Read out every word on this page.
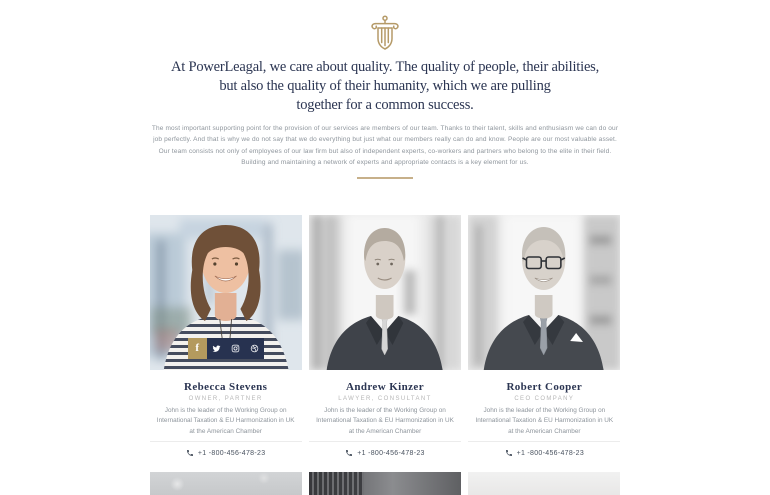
At PowerLeagal, we care about quality. The quality of people, their abilities,
but also the quality of their humanity, which we are pulling
together for a common success.

The most important supporting point for the provision of our services are members of our team. Thanks to their talent, skills and enthusiasm we can do our job perfectly. And that is why we do not say that we do everything but just what our members really can do and know. People are our most valuable asset. Our team consists not only of employees of our law firm but also of independent experts, co-workers and partners who belong to the elite in their field. Building and maintaining a network of experts and appropriate contacts is a key element for us.

f
Rebecca Stevens
OWNER, PARTNER

John is the leader of the Working Group on International Taxation & EU Harmonization in UK at the American Chamber

+1 -800-456-478-23
Andrew Kinzer
LAWYER, CONSULTANT

John is the leader of the Working Group on International Taxation & EU Harmonization in UK at the American Chamber

+1 -800-456-478-23
Robert Cooper
CEO COMPANY

John is the leader of the Working Group on International Taxation & EU Harmonization in UK at the American Chamber

+1 -800-456-478-23
